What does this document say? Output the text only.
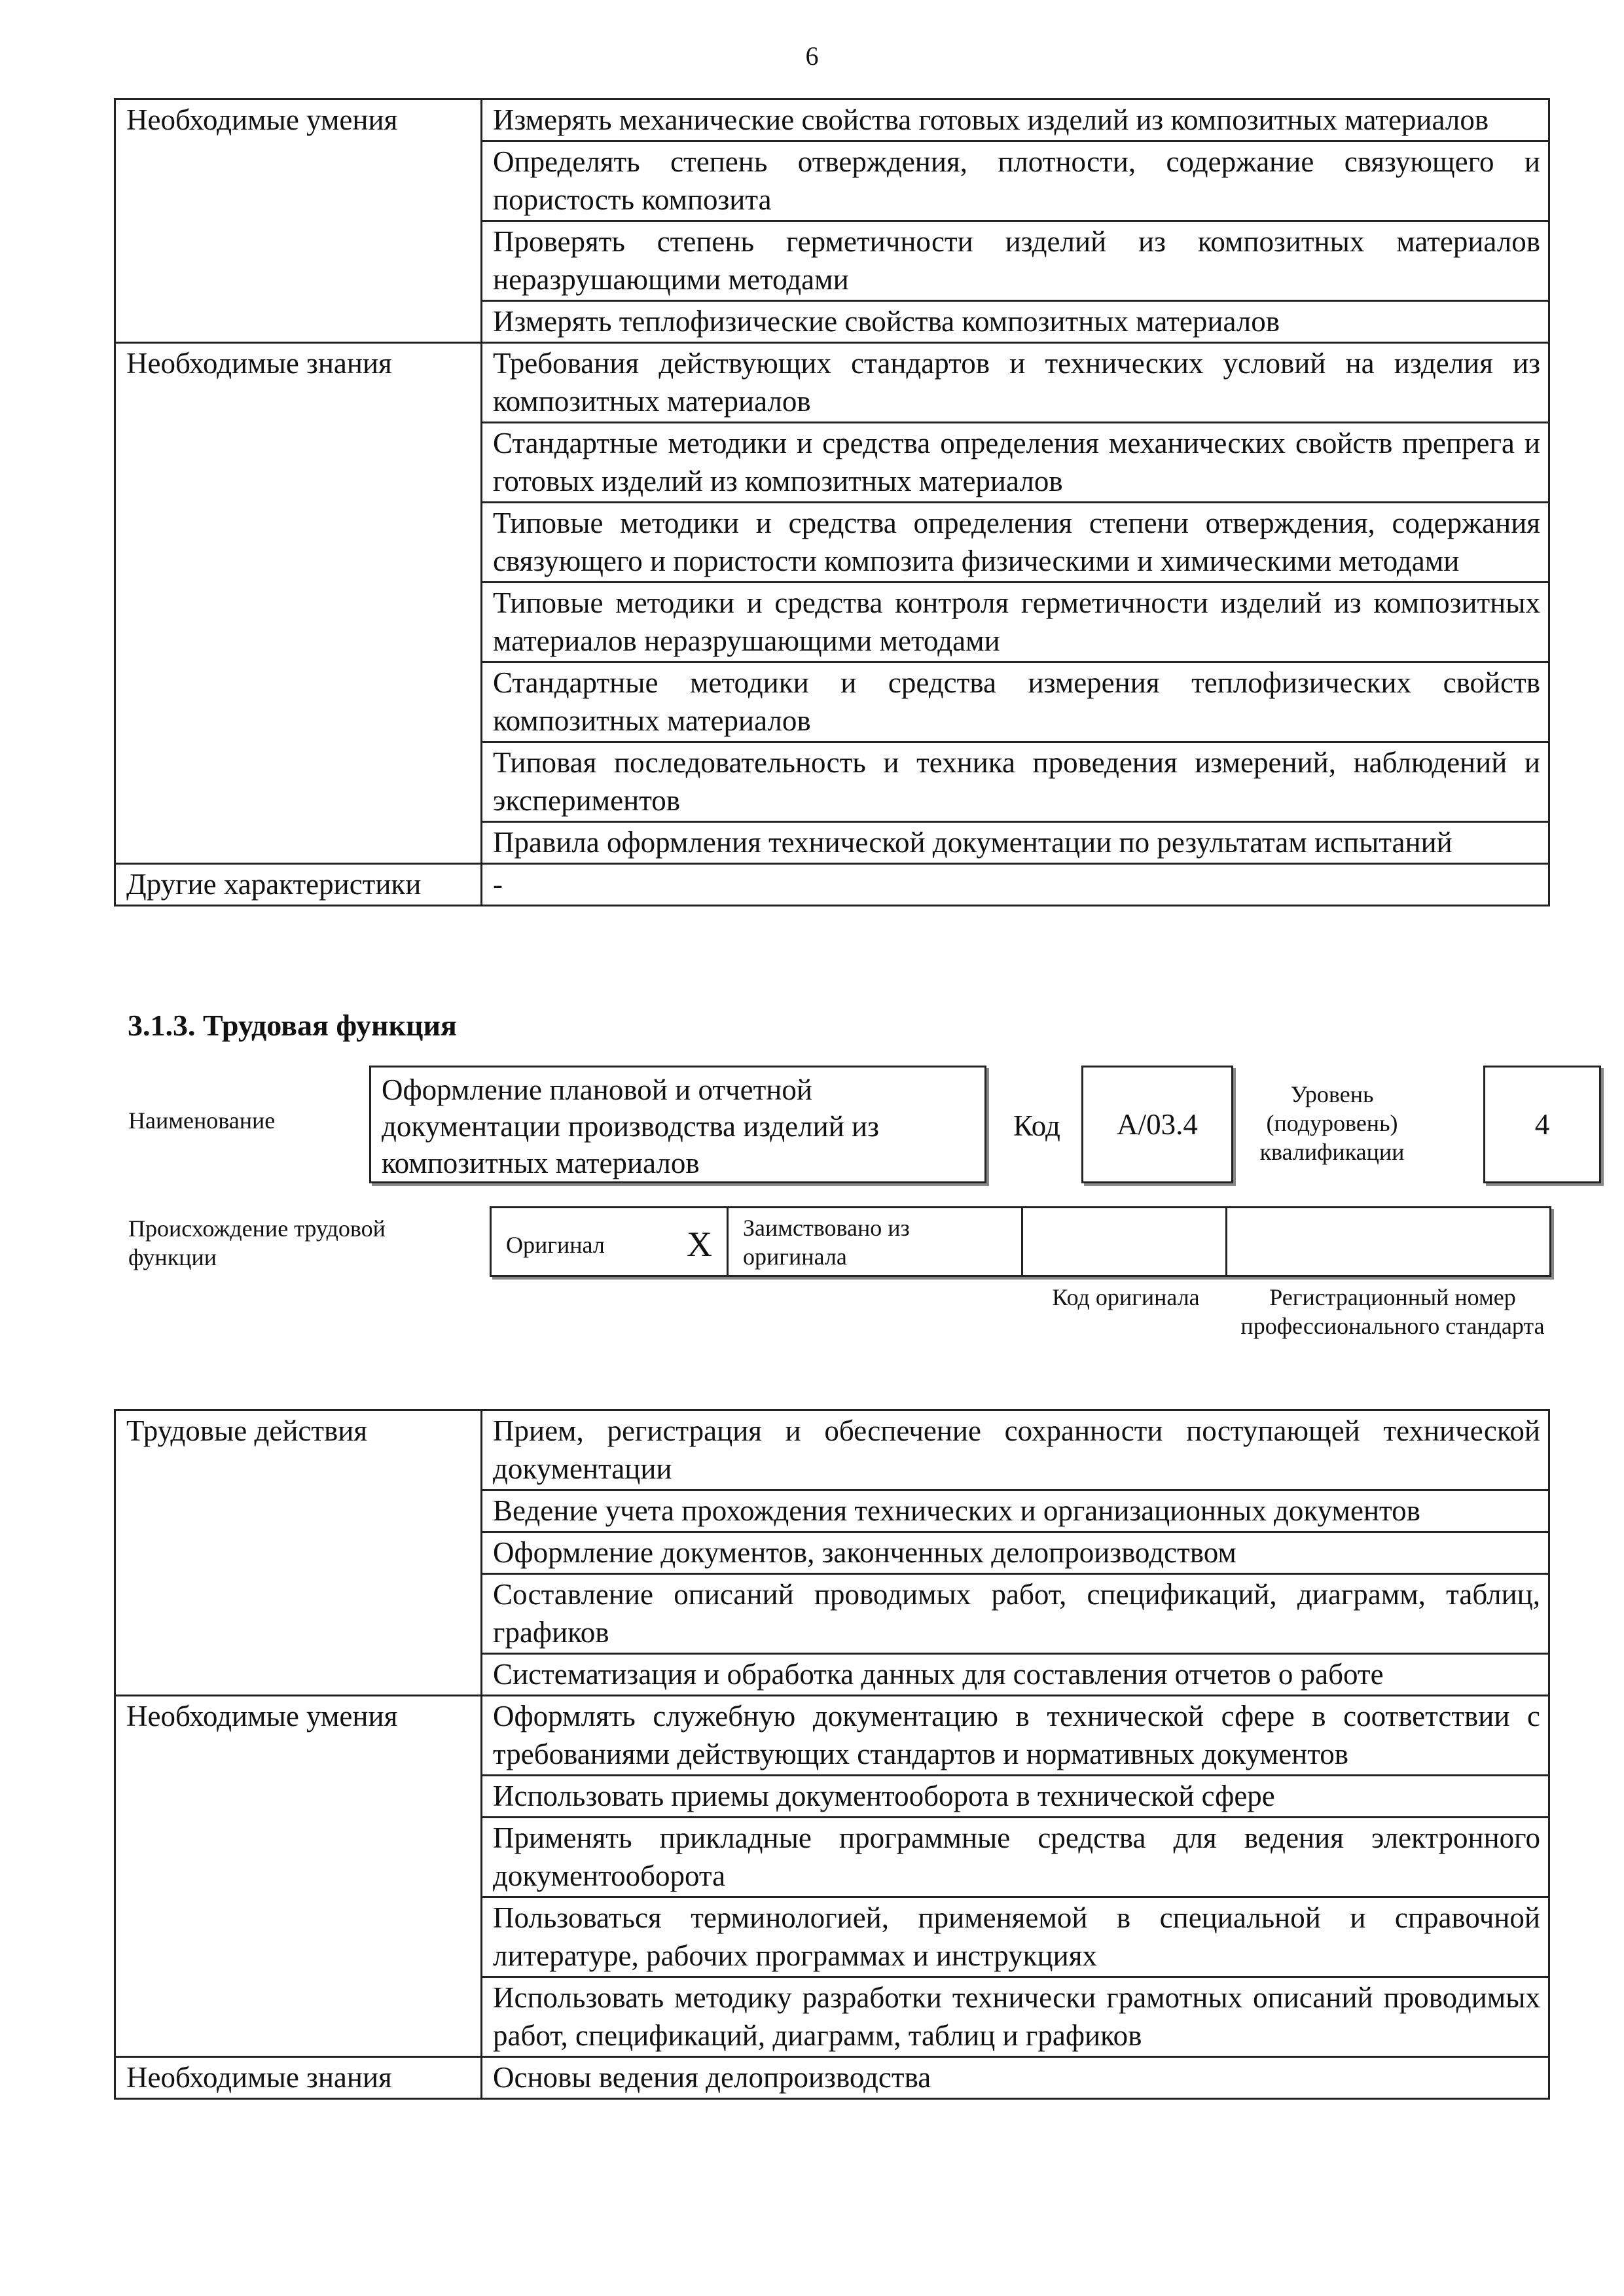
6
Необходимые умения	Измерять механические свойства готовых изделий из композитных материалов
	Определять степень отверждения, плотности, содержание связующего и пористость композита
	Проверять степень герметичности изделий из композитных материалов неразрушающими методами
	Измерять теплофизические свойства композитных материалов
Необходимые знания	Требования действующих стандартов и технических условий на изделия из композитных материалов
	Стандартные методики и средства определения механических свойств препрега и готовых изделий из композитных материалов
	Типовые методики и средства определения степени отверждения, содержания связующего и пористости композита физическими и химическими методами
	Типовые методики и средства контроля герметичности изделий из композитных материалов неразрушающими методами
	Стандартные методики и средства измерения теплофизических свойств композитных материалов
	Типовая последовательность и техника проведения измерений, наблюдений и экспериментов
	Правила оформления технической документации по результатам испытаний
Другие характеристики	-
3.1.3. Трудовая функция
Наименование
Оформление плановой и отчетной документации производства изделий из композитных материалов
Код	A/03.4
Уровень (подуровень) квалификации
4
Происхождение трудовой функции	Оригинал X Заимствовано из оригинала
Код оригинала	Регистрационный номер профессионального стандарта
Трудовые действия	Прием, регистрация и обеспечение сохранности поступающей технической документации
	Ведение учета прохождения технических и организационных документов
	Оформление документов, законченных делопроизводством
	Составление описаний проводимых работ, спецификаций, диаграмм, таблиц, графиков
	Систематизация и обработка данных для составления отчетов о работе
Необходимые умения	Оформлять служебную документацию в технической сфере в соответствии с требованиями действующих стандартов и нормативных документов
	Использовать приемы документооборота в технической сфере
	Применять прикладные программные средства для ведения электронного документооборота
	Пользоваться терминологией, применяемой в специальной и справочной литературе, рабочих программах и инструкциях
	Использовать методику разработки технически грамотных описаний проводимых работ, спецификаций, диаграмм, таблиц и графиков
Необходимые знания	Основы ведения делопроизводства
